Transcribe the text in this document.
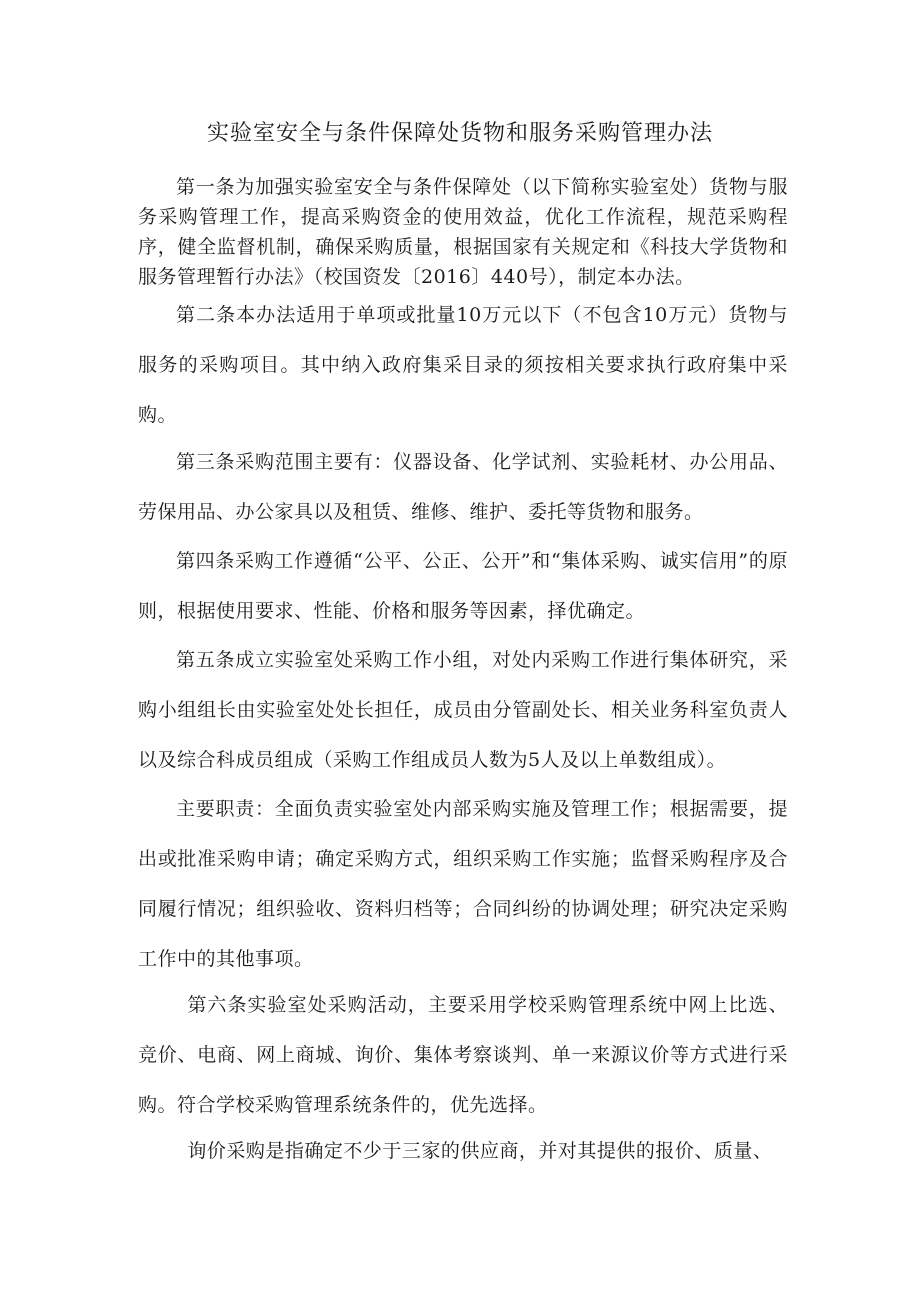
实验室安全与条件保障处货物和服务采购管理办法

第一条为加强实验室安全与条件保障处（以下简称实验室处）货物与服务采购管理工作，提高采购资金的使用效益，优化工作流程，规范采购程序，健全监督机制，确保采购质量，根据国家有关规定和《科技大学货物和服务管理暂行办法》（校国资发〔2016〕440号），制定本办法。

第二条本办法适用于单项或批量10万元以下（不包含10万元）货物与服务的采购项目。其中纳入政府集采目录的须按相关要求执行政府集中采购。

第三条采购范围主要有：仪器设备、化学试剂、实验耗材、办公用品、劳保用品、办公家具以及租赁、维修、维护、委托等货物和服务。

第四条采购工作遵循“公平、公正、公开”和“集体采购、诚实信用”的原则，根据使用要求、性能、价格和服务等因素，择优确定。

第五条成立实验室处采购工作小组，对处内采购工作进行集体研究，采购小组组长由实验室处处长担任，成员由分管副处长、相关业务科室负责人以及综合科成员组成（采购工作组成员人数为5人及以上单数组成）。

主要职责：全面负责实验室处内部采购实施及管理工作；根据需要，提出或批准采购申请；确定采购方式，组织采购工作实施；监督采购程序及合同履行情况；组织验收、资料归档等；合同纠纷的协调处理；研究决定采购工作中的其他事项。

第六条实验室处采购活动，主要采用学校采购管理系统中网上比选、竞价、电商、网上商城、询价、集体考察谈判、单一来源议价等方式进行采购。符合学校采购管理系统条件的，优先选择。

询价采购是指确定不少于三家的供应商，并对其提供的报价、质量、
